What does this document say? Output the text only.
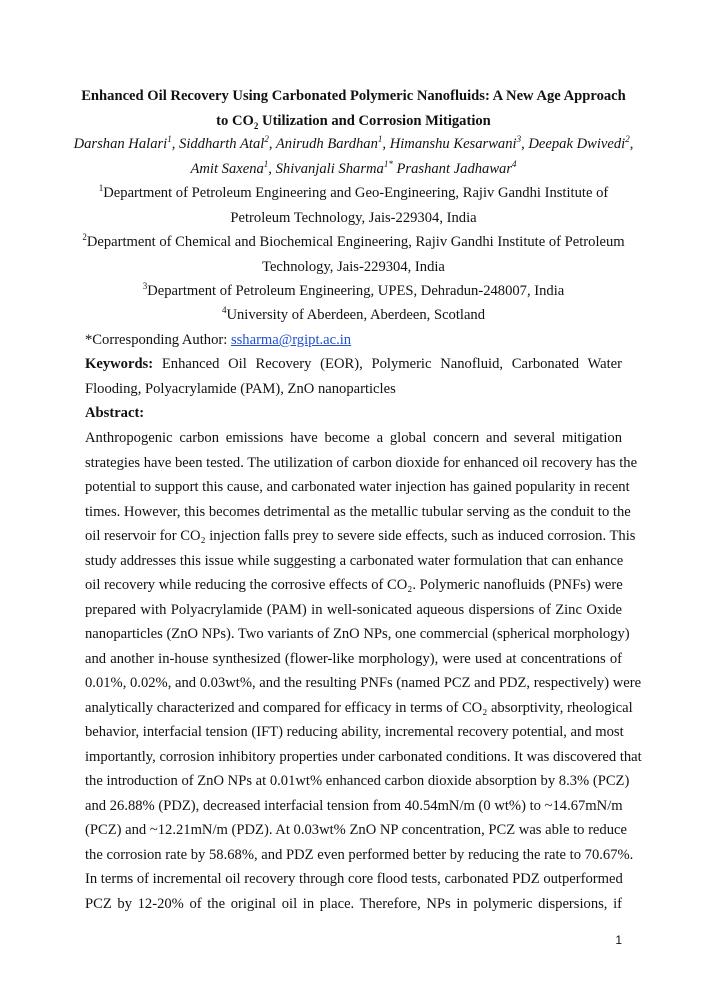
Enhanced Oil Recovery Using Carbonated Polymeric Nanofluids: A New Age Approach
to $CO_2$ Utilization and Corrosion Mitigation
Darshan Halari$^1$, Siddharth Atal$^2$, Anirudh Bardhan$^1$, Himanshu Kesarwani$^3$, Deepak Dwivedi$^2$, Amit Saxena$^1$, Shivanjali Sharma$^{1*}$ Prashant Jadhawar$^4$
$^1$Department of Petroleum Engineering and Geo-Engineering, Rajiv Gandhi Institute of
Petroleum Technology, Jais-229304, India
$^2$Department of Chemical and Biochemical Engineering, Rajiv Gandhi Institute of Petroleum
Technology, Jais-229304, India
$^3$Department of Petroleum Engineering, UPES, Dehradun-248007, India
$^4$University of Aberdeen, Aberdeen, Scotland
*Corresponding Author: ssharma@rgipt.ac.in
Keywords: Enhanced Oil Recovery (EOR), Polymeric Nanofluid, Carbonated Water Flooding, Polyacrylamide (PAM), ZnO nanoparticles
Abstract:
Anthropogenic carbon emissions have become a global concern and several mitigation
strategies have been tested. The utilization of carbon dioxide for enhanced oil recovery has the
potential to support this cause, and carbonated water injection has gained popularity in recent
times. However, this becomes detrimental as the metallic tubular serving as the conduit to the
oil reservoir for CO₂ injection falls prey to severe side effects, such as induced corrosion. This
study addresses this issue while suggesting a carbonated water formulation that can enhance
oil recovery while reducing the corrosive effects of CO₂. Polymeric nanofluids (PNFs) were
prepared with Polyacrylamide (PAM) in well-sonicated aqueous dispersions of Zinc Oxide
nanoparticles (ZnO NPs). Two variants of ZnO NPs, one commercial (spherical morphology)
and another in-house synthesized (flower-like morphology), were used at concentrations of
0.01%, 0.02%, and 0.03wt%, and the resulting PNFs (named PCZ and PDZ, respectively) were
analytically characterized and compared for efficacy in terms of CO₂ absorptivity, rheological
behavior, interfacial tension (IFT) reducing ability, incremental recovery potential, and most
importantly, corrosion inhibitory properties under carbonated conditions. It was discovered that
the introduction of ZnO NPs at 0.01wt% enhanced carbon dioxide absorption by 8.3% (PCZ)
and 26.88% (PDZ), decreased interfacial tension from 40.54mN/m (0 wt%) to ~14.67mN/m
(PCZ) and ~12.21mN/m (PDZ). At 0.03wt% ZnO NP concentration, PCZ was able to reduce
the corrosion rate by 58.68%, and PDZ even performed better by reducing the rate to 70.67%.
In terms of incremental oil recovery through core flood tests, carbonated PDZ outperformed
PCZ by 12-20% of the original oil in place. Therefore, NPs in polymeric dispersions, if
1
